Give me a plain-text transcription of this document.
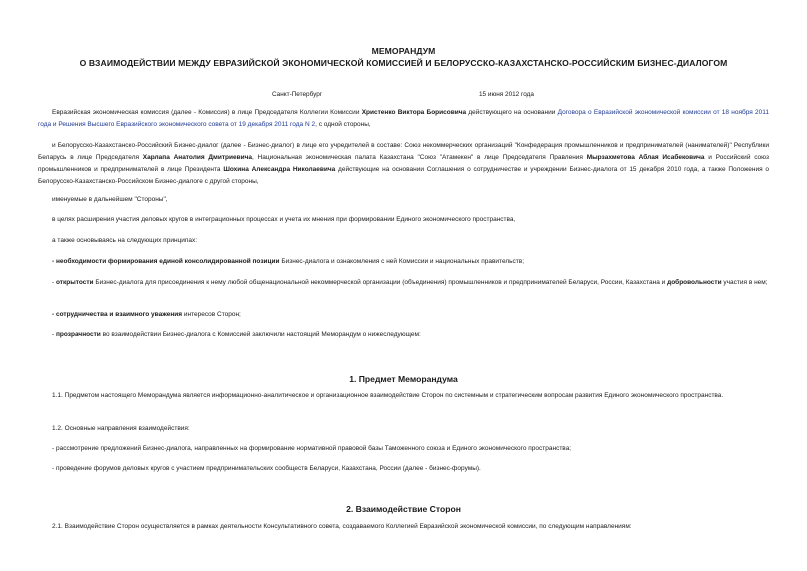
МЕМОРАНДУМ
О ВЗАИМОДЕЙСТВИИ МЕЖДУ ЕВРАЗИЙСКОЙ ЭКОНОМИЧЕСКОЙ КОМИССИЕЙ И БЕЛОРУССКО-КАЗАХСТАНСКО-РОССИЙСКИМ БИЗНЕС-ДИАЛОГОМ
Санкт-Петербург	15 июня 2012 года
Евразийская экономическая комиссия (далее - Комиссия) в лице Председателя Коллегии Комиссии Христенко Виктора Борисовича действующего на основании Договора о Евразийской экономической комиссии от 18 ноября 2011 года и Решения Высшего Евразийского экономического совета от 19 декабря 2011 года N 2, с одной стороны,
и Белорусско-Казахстанско-Российский Бизнес-диалог (далее - Бизнес-диалог) в лице его учредителей в составе: Союз некоммерческих организаций "Конфедерация промышленников и предпринимателей (нанимателей)" Республики Беларусь в лице Председателя Харлапа Анатолия Дмитриевича, Национальная экономическая палата Казахстана "Союз "Атамекен" в лице Председателя Правления Мырзахметова Аблая Исабековича и Российский союз промышленников и предпринимателей в лице Президента Шохина Александра Николаевича действующие на основании Соглашения о сотрудничестве и учреждении Бизнес-диалога от 15 декабря 2010 года, а также Положения о Белорусско-Казахстанско-Российском Бизнес-диалоге с другой стороны,
именуемые в дальнейшем "Стороны",
в целях расширения участия деловых кругов в интеграционных процессах и учета их мнения при формировании Единого экономического пространства,
а также основываясь на следующих принципах:
- необходимости формирования единой консолидированной позиции Бизнес-диалога и ознакомления с ней Комиссии и национальных правительств;
- открытости Бизнес-диалога для присоединения к нему любой общенациональной некоммерческой организации (объединения) промышленников и предпринимателей Беларуси, России, Казахстана и добровольности участия в нем;
- сотрудничества и взаимного уважения интересов Сторон;
- прозрачности во взаимодействии Бизнес-диалога с Комиссией заключили настоящий Меморандум о нижеследующем:
1. Предмет Меморандума
1.1. Предметом настоящего Меморандума является информационно-аналитическое и организационное взаимодействие Сторон по системным и стратегическим вопросам развития Единого экономического пространства.
1.2. Основные направления взаимодействия:
- рассмотрение предложений Бизнес-диалога, направленных на формирование нормативной правовой базы Таможенного союза и Единого экономического пространства;
- проведение форумов деловых кругов с участием предпринимательских сообществ Беларуси, Казахстана, России (далее - бизнес-форумы).
2. Взаимодействие Сторон
2.1. Взаимодействие Сторон осуществляется в рамках деятельности Консультативного совета, создаваемого Коллегией Евразийской экономической комиссии, по следующим направлениям:
